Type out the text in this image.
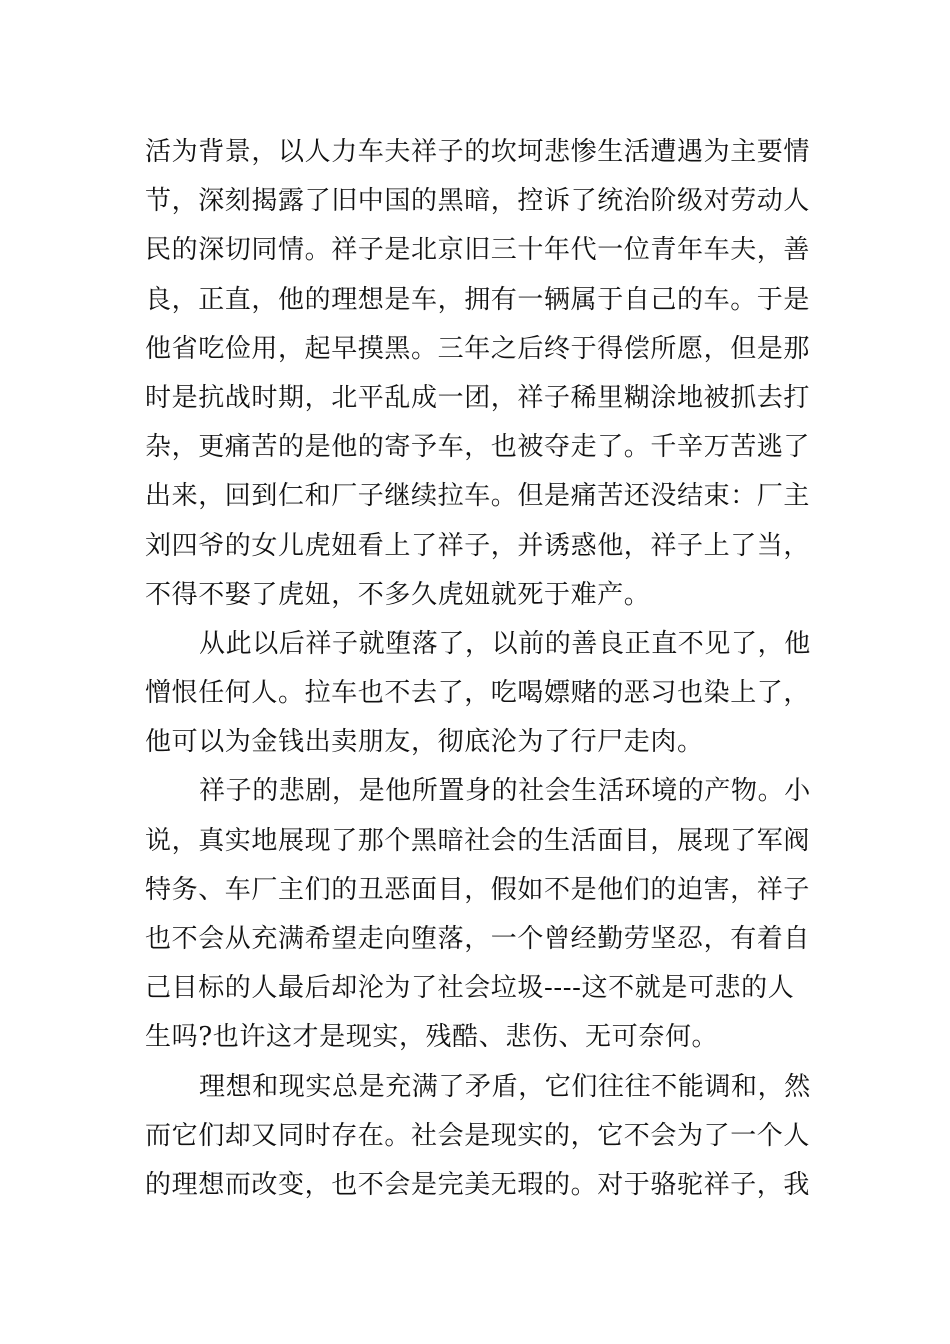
活为背景，以人力车夫祥子的坎坷悲惨生活遭遇为主要情
节，深刻揭露了旧中国的黑暗，控诉了统治阶级对劳动人
民的深切同情。祥子是北京旧三十年代一位青年车夫，善
良，正直，他的理想是车，拥有一辆属于自己的车。于是
他省吃俭用，起早摸黑。三年之后终于得偿所愿，但是那
时是抗战时期，北平乱成一团，祥子稀里糊涂地被抓去打
杂，更痛苦的是他的寄予车，也被夺走了。千辛万苦逃了
出来，回到仁和厂子继续拉车。但是痛苦还没结束：厂主
刘四爷的女儿虎妞看上了祥子，并诱惑他，祥子上了当，
不得不娶了虎妞，不多久虎妞就死于难产。
从此以后祥子就堕落了，以前的善良正直不见了，他
憎恨任何人。拉车也不去了，吃喝嫖赌的恶习也染上了，
他可以为金钱出卖朋友，彻底沦为了行尸走肉。
祥子的悲剧，是他所置身的社会生活环境的产物。小
说，真实地展现了那个黑暗社会的生活面目，展现了军阀
特务、车厂主们的丑恶面目，假如不是他们的迫害，祥子
也不会从充满希望走向堕落，一个曾经勤劳坚忍，有着自
己目标的人最后却沦为了社会垃圾----这不就是可悲的人
生吗?也许这才是现实，残酷、悲伤、无可奈何。
理想和现实总是充满了矛盾，它们往往不能调和，然
而它们却又同时存在。社会是现实的，它不会为了一个人
的理想而改变，也不会是完美无瑕的。对于骆驼祥子，我
